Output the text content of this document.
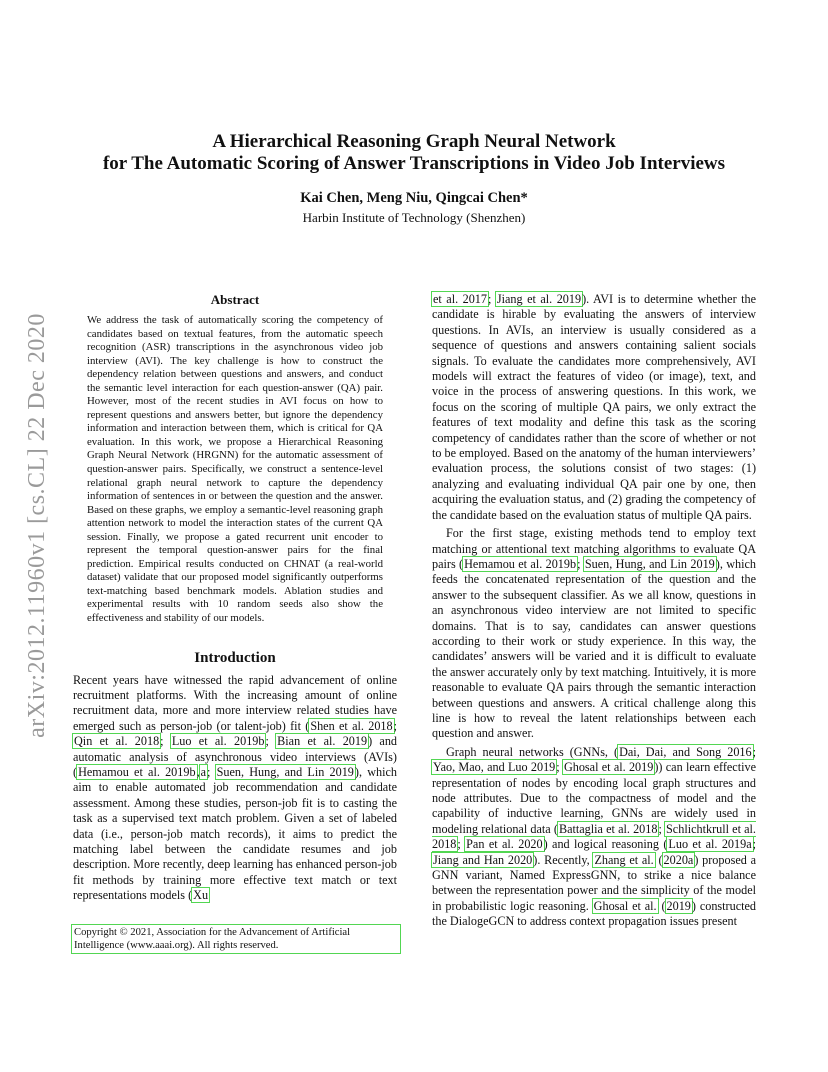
arXiv:2012.11960v1 [cs.CL] 22 Dec 2020
A Hierarchical Reasoning Graph Neural Network
for The Automatic Scoring of Answer Transcriptions in Video Job Interviews
Kai Chen, Meng Niu, Qingcai Chen*
Harbin Institute of Technology (Shenzhen)
Abstract

We address the task of automatically scoring the competency of candidates based on textual features, from the automatic speech recognition (ASR) transcriptions in the asynchronous video job interview (AVI). The key challenge is how to construct the dependency relation between questions and answers, and conduct the semantic level interaction for each question-answer (QA) pair. However, most of the recent studies in AVI focus on how to represent questions and answers better, but ignore the dependency information and interaction between them, which is critical for QA evaluation. In this work, we propose a Hierarchical Reasoning Graph Neural Network (HRGNN) for the automatic assessment of question-answer pairs. Specifically, we construct a sentence-level relational graph neural network to capture the dependency information of sentences in or between the question and the answer. Based on these graphs, we employ a semantic-level reasoning graph attention network to model the interaction states of the current QA session. Finally, we propose a gated recurrent unit encoder to represent the temporal question-answer pairs for the final prediction. Empirical results conducted on CHNAT (a real-world dataset) validate that our proposed model significantly outperforms text-matching based benchmark models. Ablation studies and experimental results with 10 random seeds also show the effectiveness and stability of our models.

Introduction

Recent years have witnessed the rapid advancement of online recruitment platforms. With the increasing amount of online recruitment data, more and more interview related studies have emerged such as person-job (or talent-job) fit (Shen et al. 2018; Qin et al. 2018; Luo et al. 2019b; Bian et al. 2019) and automatic analysis of asynchronous video interviews (AVIs) (Hemamou et al. 2019b,a; Suen, Hung, and Lin 2019), which aim to enable automated job recommendation and candidate assessment. Among these studies, person-job fit is to casting the task as a supervised text match problem. Given a set of labeled data (i.e., person-job match records), it aims to predict the matching label between the candidate resumes and job description. More recently, deep learning has enhanced person-job fit methods by training more effective text match or text representations models (Xu

Copyright © 2021, Association for the Advancement of Artificial Intelligence (www.aaai.org). All rights reserved.

et al. 2017; Jiang et al. 2019). AVI is to determine whether the candidate is hirable by evaluating the answers of interview questions. In AVIs, an interview is usually considered as a sequence of questions and answers containing salient socials signals. To evaluate the candidates more comprehensively, AVI models will extract the features of video (or image), text, and voice in the process of answering questions. In this work, we focus on the scoring of multiple QA pairs, we only extract the features of text modality and define this task as the scoring competency of candidates rather than the score of whether or not to be employed. Based on the anatomy of the human interviewers’ evaluation process, the solutions consist of two stages: (1) analyzing and evaluating individual QA pair one by one, then acquiring the evaluation status, and (2) grading the competency of the candidate based on the evaluation status of multiple QA pairs.

For the first stage, existing methods tend to employ text matching or attentional text matching algorithms to evaluate QA pairs (Hemamou et al. 2019b; Suen, Hung, and Lin 2019), which feeds the concatenated representation of the question and the answer to the subsequent classifier. As we all know, questions in an asynchronous video interview are not limited to specific domains. That is to say, candidates can answer questions according to their work or study experience. In this way, the candidates’ answers will be varied and it is difficult to evaluate the answer accurately only by text matching. Intuitively, it is more reasonable to evaluate QA pairs through the semantic interaction between questions and answers. A critical challenge along this line is how to reveal the latent relationships between each question and answer.

Graph neural networks (GNNs, (Dai, Dai, and Song 2016; Yao, Mao, and Luo 2019; Ghosal et al. 2019)) can learn effective representation of nodes by encoding local graph structures and node attributes. Due to the compactness of model and the capability of inductive learning, GNNs are widely used in modeling relational data (Battaglia et al. 2018; Schlichtkrull et al. 2018; Pan et al. 2020) and logical reasoning (Luo et al. 2019a; Jiang and Han 2020). Recently, Zhang et al. (2020a) proposed a GNN variant, Named ExpressGNN, to strike a nice balance between the representation power and the simplicity of the model in probabilistic logic reasoning. Ghosal et al. (2019) constructed the DialogeGCN to address context propagation issues present
